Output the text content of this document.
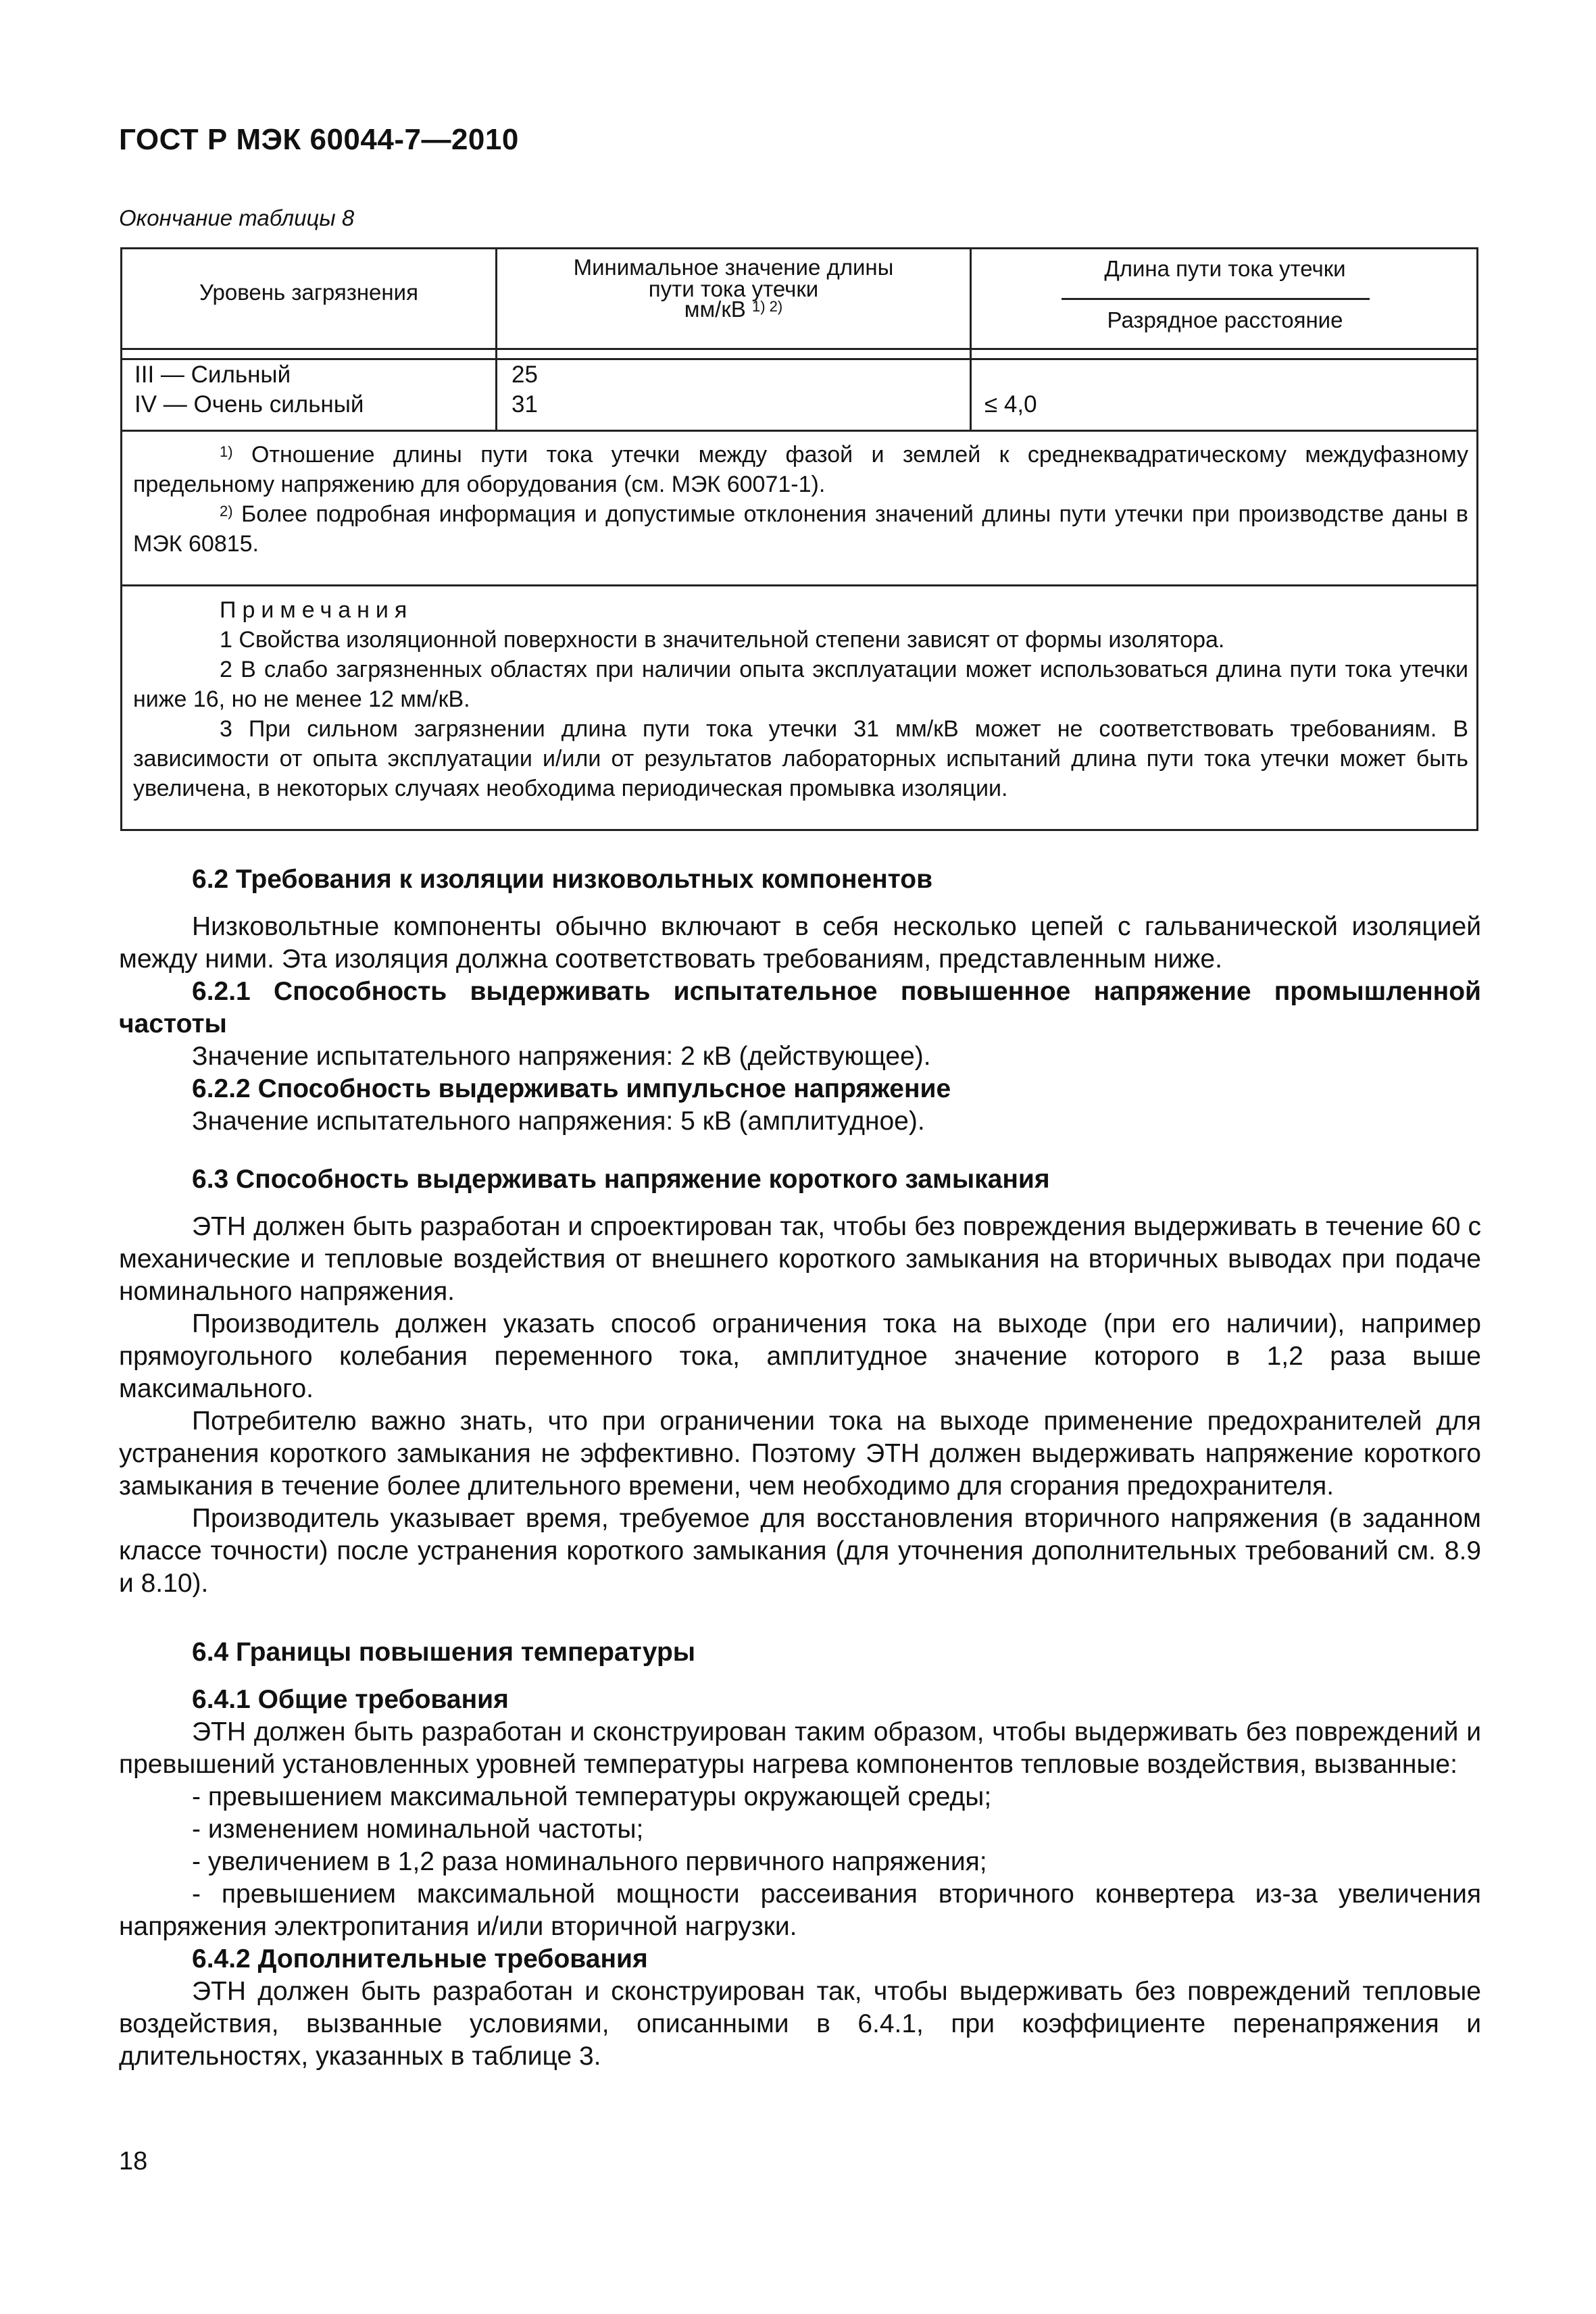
ГОСТ Р МЭК 60044-7—2010
Окончание таблицы 8
Уровень загрязнения
Минимальное значение длины
пути тока утечки
мм/кВ $^{1) 2)}$
Длина пути тока утечки
Разрядное расстояние
III — Сильный
IV — Очень сильный
25
31	≤ 4,0

$^{1)}$ Отношение длины пути тока утечки между фазой и землей к среднеквадратическому междуфазному предельному напряжению для оборудования (см. МЭК 60071-1).

$^{2)}$ Более подробная информация и допустимые отклонения значений длины пути утечки при производстве даны в МЭК 60815.

Примечания

1 Свойства изоляционной поверхности в значительной степени зависят от формы изолятора.

2 В слабо загрязненных областях при наличии опыта эксплуатации может использоваться длина пути тока утечки ниже 16, но не менее 12 мм/кВ.

3 При сильном загрязнении длина пути тока утечки 31 мм/кВ может не соответствовать требованиям. В зависимости от опыта эксплуатации и/или от результатов лабораторных испытаний длина пути тока утечки может быть увеличена, в некоторых случаях необходима периодическая промывка изоляции.

6.2 Требования к изоляции низковольтных компонентов

Низковольтные компоненты обычно включают в себя несколько цепей с гальванической изоляцией между ними. Эта изоляция должна соответствовать требованиям, представленным ниже.

6.2.1 Способность выдерживать испытательное повышенное напряжение промышленной частоты

Значение испытательного напряжения: 2 кВ (действующее).

6.2.2 Способность выдерживать импульсное напряжение

Значение испытательного напряжения: 5 кВ (амплитудное).

6.3 Способность выдерживать напряжение короткого замыкания

ЭТН должен быть разработан и спроектирован так, чтобы без повреждения выдерживать в течение 60 с механические и тепловые воздействия от внешнего короткого замыкания на вторичных выводах при подаче номинального напряжения.

Производитель должен указать способ ограничения тока на выходе (при его наличии), например прямоугольного колебания переменного тока, амплитудное значение которого в 1,2 раза выше максимального.

Потребителю важно знать, что при ограничении тока на выходе применение предохранителей для устранения короткого замыкания не эффективно. Поэтому ЭТН должен выдерживать напряжение короткого замыкания в течение более длительного времени, чем необходимо для сгорания предохранителя.

Производитель указывает время, требуемое для восстановления вторичного напряжения (в заданном классе точности) после устранения короткого замыкания (для уточнения дополнительных требований см. 8.9 и 8.10).

6.4 Границы повышения температуры

6.4.1 Общие требования

ЭТН должен быть разработан и сконструирован таким образом, чтобы выдерживать без повреждений и превышений установленных уровней температуры нагрева компонентов тепловые воздействия, вызванные:

- превышением максимальной температуры окружающей среды;

- изменением номинальной частоты;

- увеличением в 1,2 раза номинального первичного напряжения;

- превышением максимальной мощности рассеивания вторичного конвертера из-за увеличения напряжения электропитания и/или вторичной нагрузки.

6.4.2 Дополнительные требования

ЭТН должен быть разработан и сконструирован так, чтобы выдерживать без повреждений тепловые воздействия, вызванные условиями, описанными в 6.4.1, при коэффициенте перенапряжения и длительностях, указанных в таблице 3.

18
